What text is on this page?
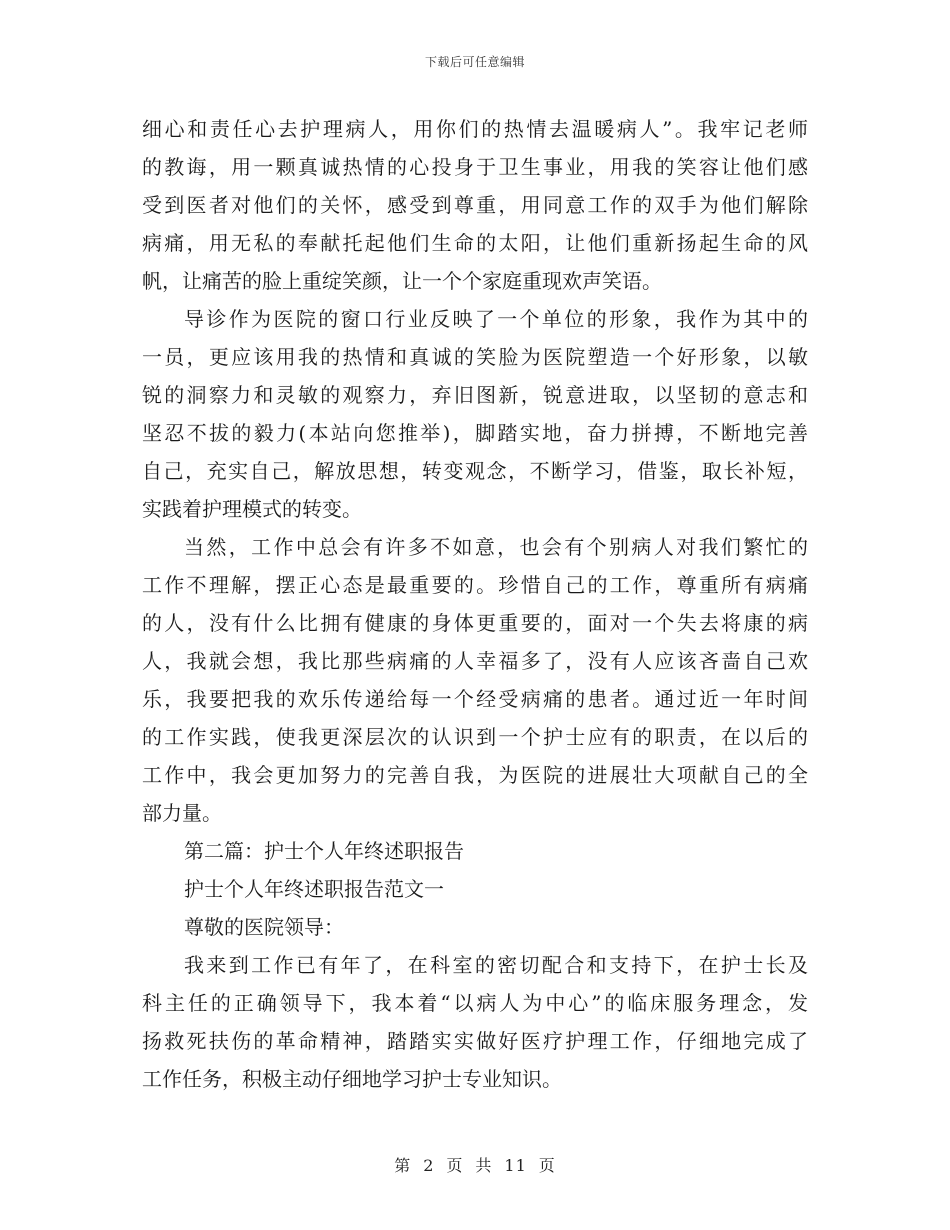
下载后可任意编辑
细心和责任心去护理病人，用你们的热情去温暖病人”。我牢记老师
的教诲，用一颗真诚热情的心投身于卫生事业，用我的笑容让他们感
受到医者对他们的关怀，感受到尊重，用同意工作的双手为他们解除
病痛，用无私的奉献托起他们生命的太阳，让他们重新扬起生命的风
帆，让痛苦的脸上重绽笑颜，让一个个家庭重现欢声笑语。
导诊作为医院的窗口行业反映了一个单位的形象，我作为其中的
一员，更应该用我的热情和真诚的笑脸为医院塑造一个好形象，以敏
锐的洞察力和灵敏的观察力，弃旧图新，锐意进取，以坚韧的意志和
坚忍不拔的毅力(本站向您推举)，脚踏实地，奋力拼搏，不断地完善
自己，充实自己，解放思想，转变观念，不断学习，借鉴，取长补短，
实践着护理模式的转变。
当然，工作中总会有许多不如意，也会有个别病人对我们繁忙的
工作不理解，摆正心态是最重要的。珍惜自己的工作，尊重所有病痛
的人，没有什么比拥有健康的身体更重要的，面对一个失去将康的病
人，我就会想，我比那些病痛的人幸福多了，没有人应该吝啬自己欢
乐，我要把我的欢乐传递给每一个经受病痛的患者。通过近一年时间
的工作实践，使我更深层次的认识到一个护士应有的职责，在以后的
工作中，我会更加努力的完善自我，为医院的进展壮大项献自己的全
部力量。
第二篇：护士个人年终述职报告
护士个人年终述职报告范文一
尊敬的医院领导：
我来到工作已有年了，在科室的密切配合和支持下，在护士长及
科主任的正确领导下，我本着“以病人为中心”的临床服务理念，发
扬救死扶伤的革命精神，踏踏实实做好医疗护理工作，仔细地完成了
工作任务，积极主动仔细地学习护士专业知识。
第 2 页 共 11 页
